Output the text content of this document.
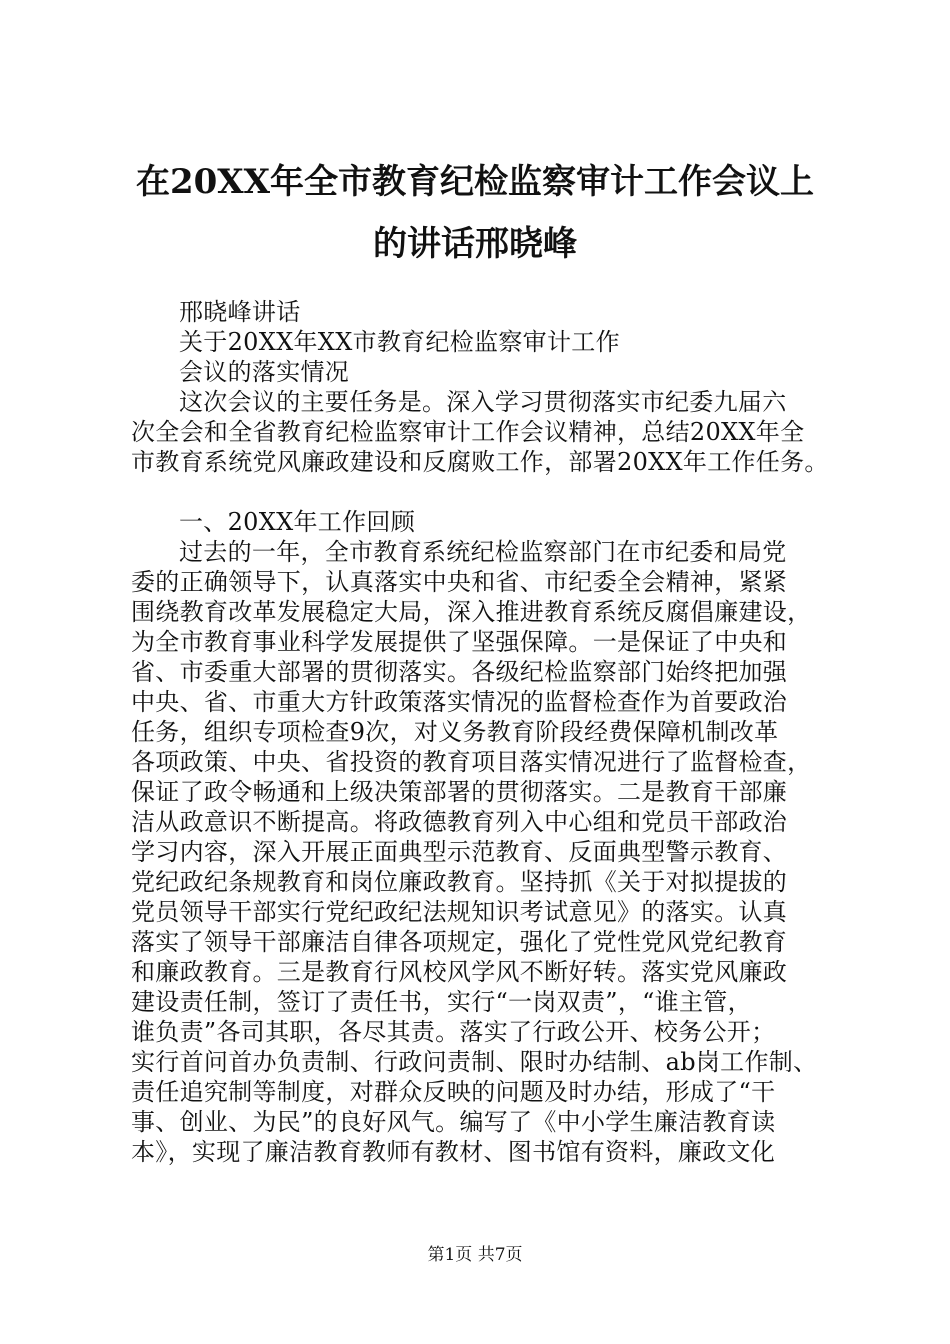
在20XX年全市教育纪检监察审计工作会议上
的讲话邢晓峰

邢晓峰讲话

关于20XX年XX市教育纪检监察审计工作

会议的落实情况

这次会议的主要任务是。深入学习贯彻落实市纪委九届六

次全会和全省教育纪检监察审计工作会议精神，总结20XX年全

市教育系统党风廉政建设和反腐败工作，部署20XX年工作任务。

一、20XX年工作回顾

过去的一年，全市教育系统纪检监察部门在市纪委和局党

委的正确领导下，认真落实中央和省、市纪委全会精神，紧紧

围绕教育改革发展稳定大局，深入推进教育系统反腐倡廉建设，

为全市教育事业科学发展提供了坚强保障。一是保证了中央和

省、市委重大部署的贯彻落实。各级纪检监察部门始终把加强

中央、省、市重大方针政策落实情况的监督检查作为首要政治

任务，组织专项检查9次，对义务教育阶段经费保障机制改革

各项政策、中央、省投资的教育项目落实情况进行了监督检查，

保证了政令畅通和上级决策部署的贯彻落实。二是教育干部廉

洁从政意识不断提高。将政德教育列入中心组和党员干部政治

学习内容，深入开展正面典型示范教育、反面典型警示教育、

党纪政纪条规教育和岗位廉政教育。坚持抓《关于对拟提拔的

党员领导干部实行党纪政纪法规知识考试意见》的落实。认真

落实了领导干部廉洁自律各项规定，强化了党性党风党纪教育

和廉政教育。三是教育行风校风学风不断好转。落实党风廉政

建设责任制，签订了责任书，实行“一岗双责”，“谁主管，

谁负责”各司其职，各尽其责。落实了行政公开、校务公开；

实行首问首办负责制、行政问责制、限时办结制、ab岗工作制、

责任追究制等制度，对群众反映的问题及时办结，形成了“干

事、创业、为民”的良好风气。编写了《中小学生廉洁教育读

本》，实现了廉洁教育教师有教材、图书馆有资料，廉政文化

第1页 共7页
